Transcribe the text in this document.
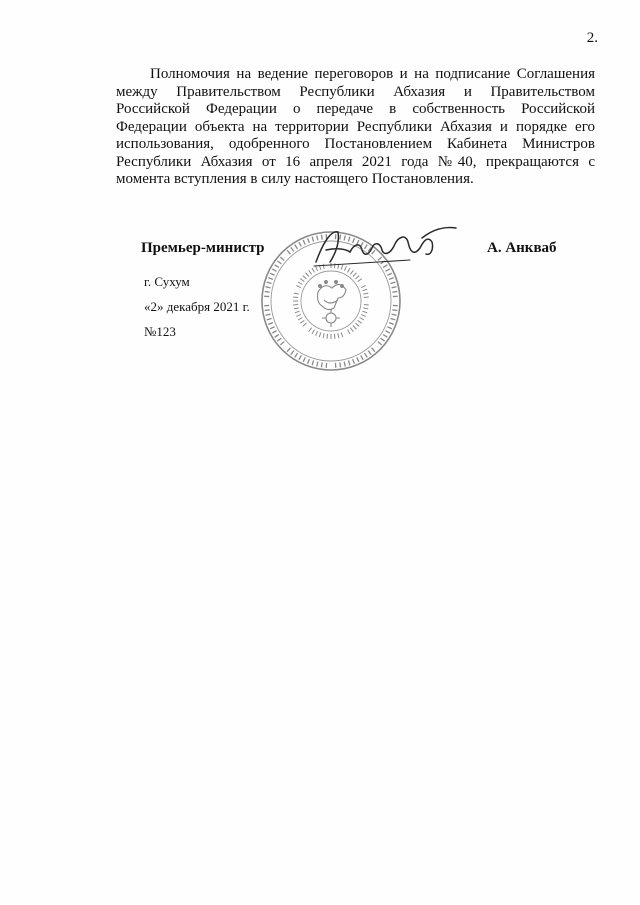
2.

Полномочия на ведение переговоров и на подписание Соглашения между Правительством Республики Абхазия и Правительством Российской Федерации о передаче в собственность Российской Федерации объекта на территории Республики Абхазия и порядке его использования, одобренного Постановлением Кабинета Министров Республики Абхазия от 16 апреля 2021 года №40, прекращаются с момента вступления в силу настоящего Постановления.

Премьер-министр	А. Анкваб
г. Сухум
«2» декабря 2021 г.
№123
